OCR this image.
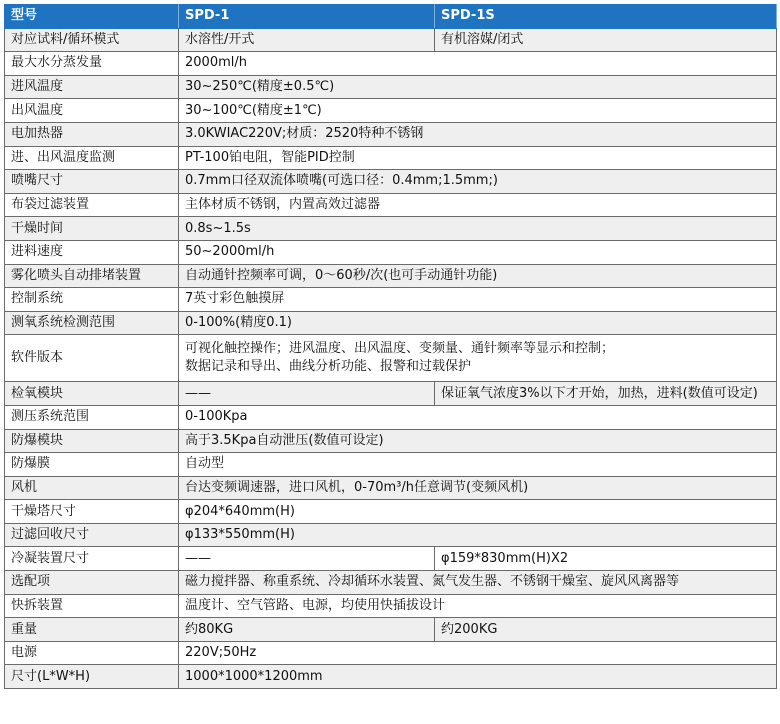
型号	SPD-1	SPD-1S
对应试料/循环模式	水溶性/开式	有机溶媒/闭式
最大水分蒸发量	2000ml/h	
进风温度	30~250℃(精度±0.5℃)	
出风温度	30~100℃(精度±1℃)	
电加热器	3.0KWIAC220V;材质：2520特种不锈钢	
进、出风温度监测	PT-100铂电阻，智能PID控制	
喷嘴尺寸	0.7mm口径双流体喷嘴(可选口径：0.4mm;1.5mm;)	
布袋过滤装置	主体材质不锈钢，内置高效过滤器	
干燥时间	0.8s~1.5s	
进料速度	50~2000ml/h	
雾化喷头自动排堵装置	自动通针控频率可调，0～60秒/次(也可手动通针功能)	
控制系统	7英寸彩色触摸屏	
测氧系统检测范围	0-100%(精度0.1)	
软件版本	可视化触控操作；进风温度、出风温度、变频量、通针频率等显示和控制；
数据记录和导出、曲线分析功能、报警和过载保护	

检氧模块	——	保证氧气浓度3%以下才开始，加热，进料(数值可设定)
测压系统范围	0-100Kpa	
防爆模块	高于3.5Kpa自动泄压(数值可设定)	
防爆膜	自动型	
风机	台达变频调速器，进口风机，0-70m³/h任意调节(变频风机)	
干燥塔尺寸	φ204*640mm(H)	
过滤回收尺寸	φ133*550mm(H)	
冷凝装置尺寸	——	φ159*830mm(H)X2
选配项	磁力搅拌器、称重系统、冷却循环水装置、氮气发生器、不锈钢干燥室、旋风风离器等	
快拆装置	温度计、空气管路、电源，均使用快插拔设计	
重量	约80KG	约200KG
电源	220V;50Hz	
尺寸(L*W*H)	1000*1000*1200mm	
